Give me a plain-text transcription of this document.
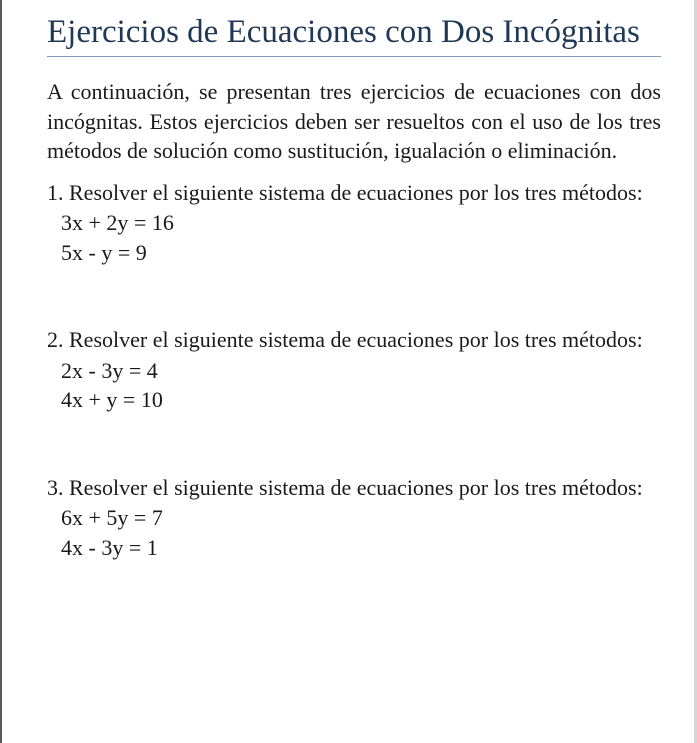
Ejercicios de Ecuaciones con Dos Incógnitas

A continuación, se presentan tres ejercicios de ecuaciones con dos incógnitas. Estos ejercicios deben ser resueltos con el uso de los tres métodos de solución como sustitución, igualación o eliminación.

1. Resolver el siguiente sistema de ecuaciones por los tres métodos:
3x + 2y = 16
5x - y = 9
2. Resolver el siguiente sistema de ecuaciones por los tres métodos:
2x - 3y = 4
4x + y = 10
3. Resolver el siguiente sistema de ecuaciones por los tres métodos:
6x + 5y = 7
4x - 3y = 1
